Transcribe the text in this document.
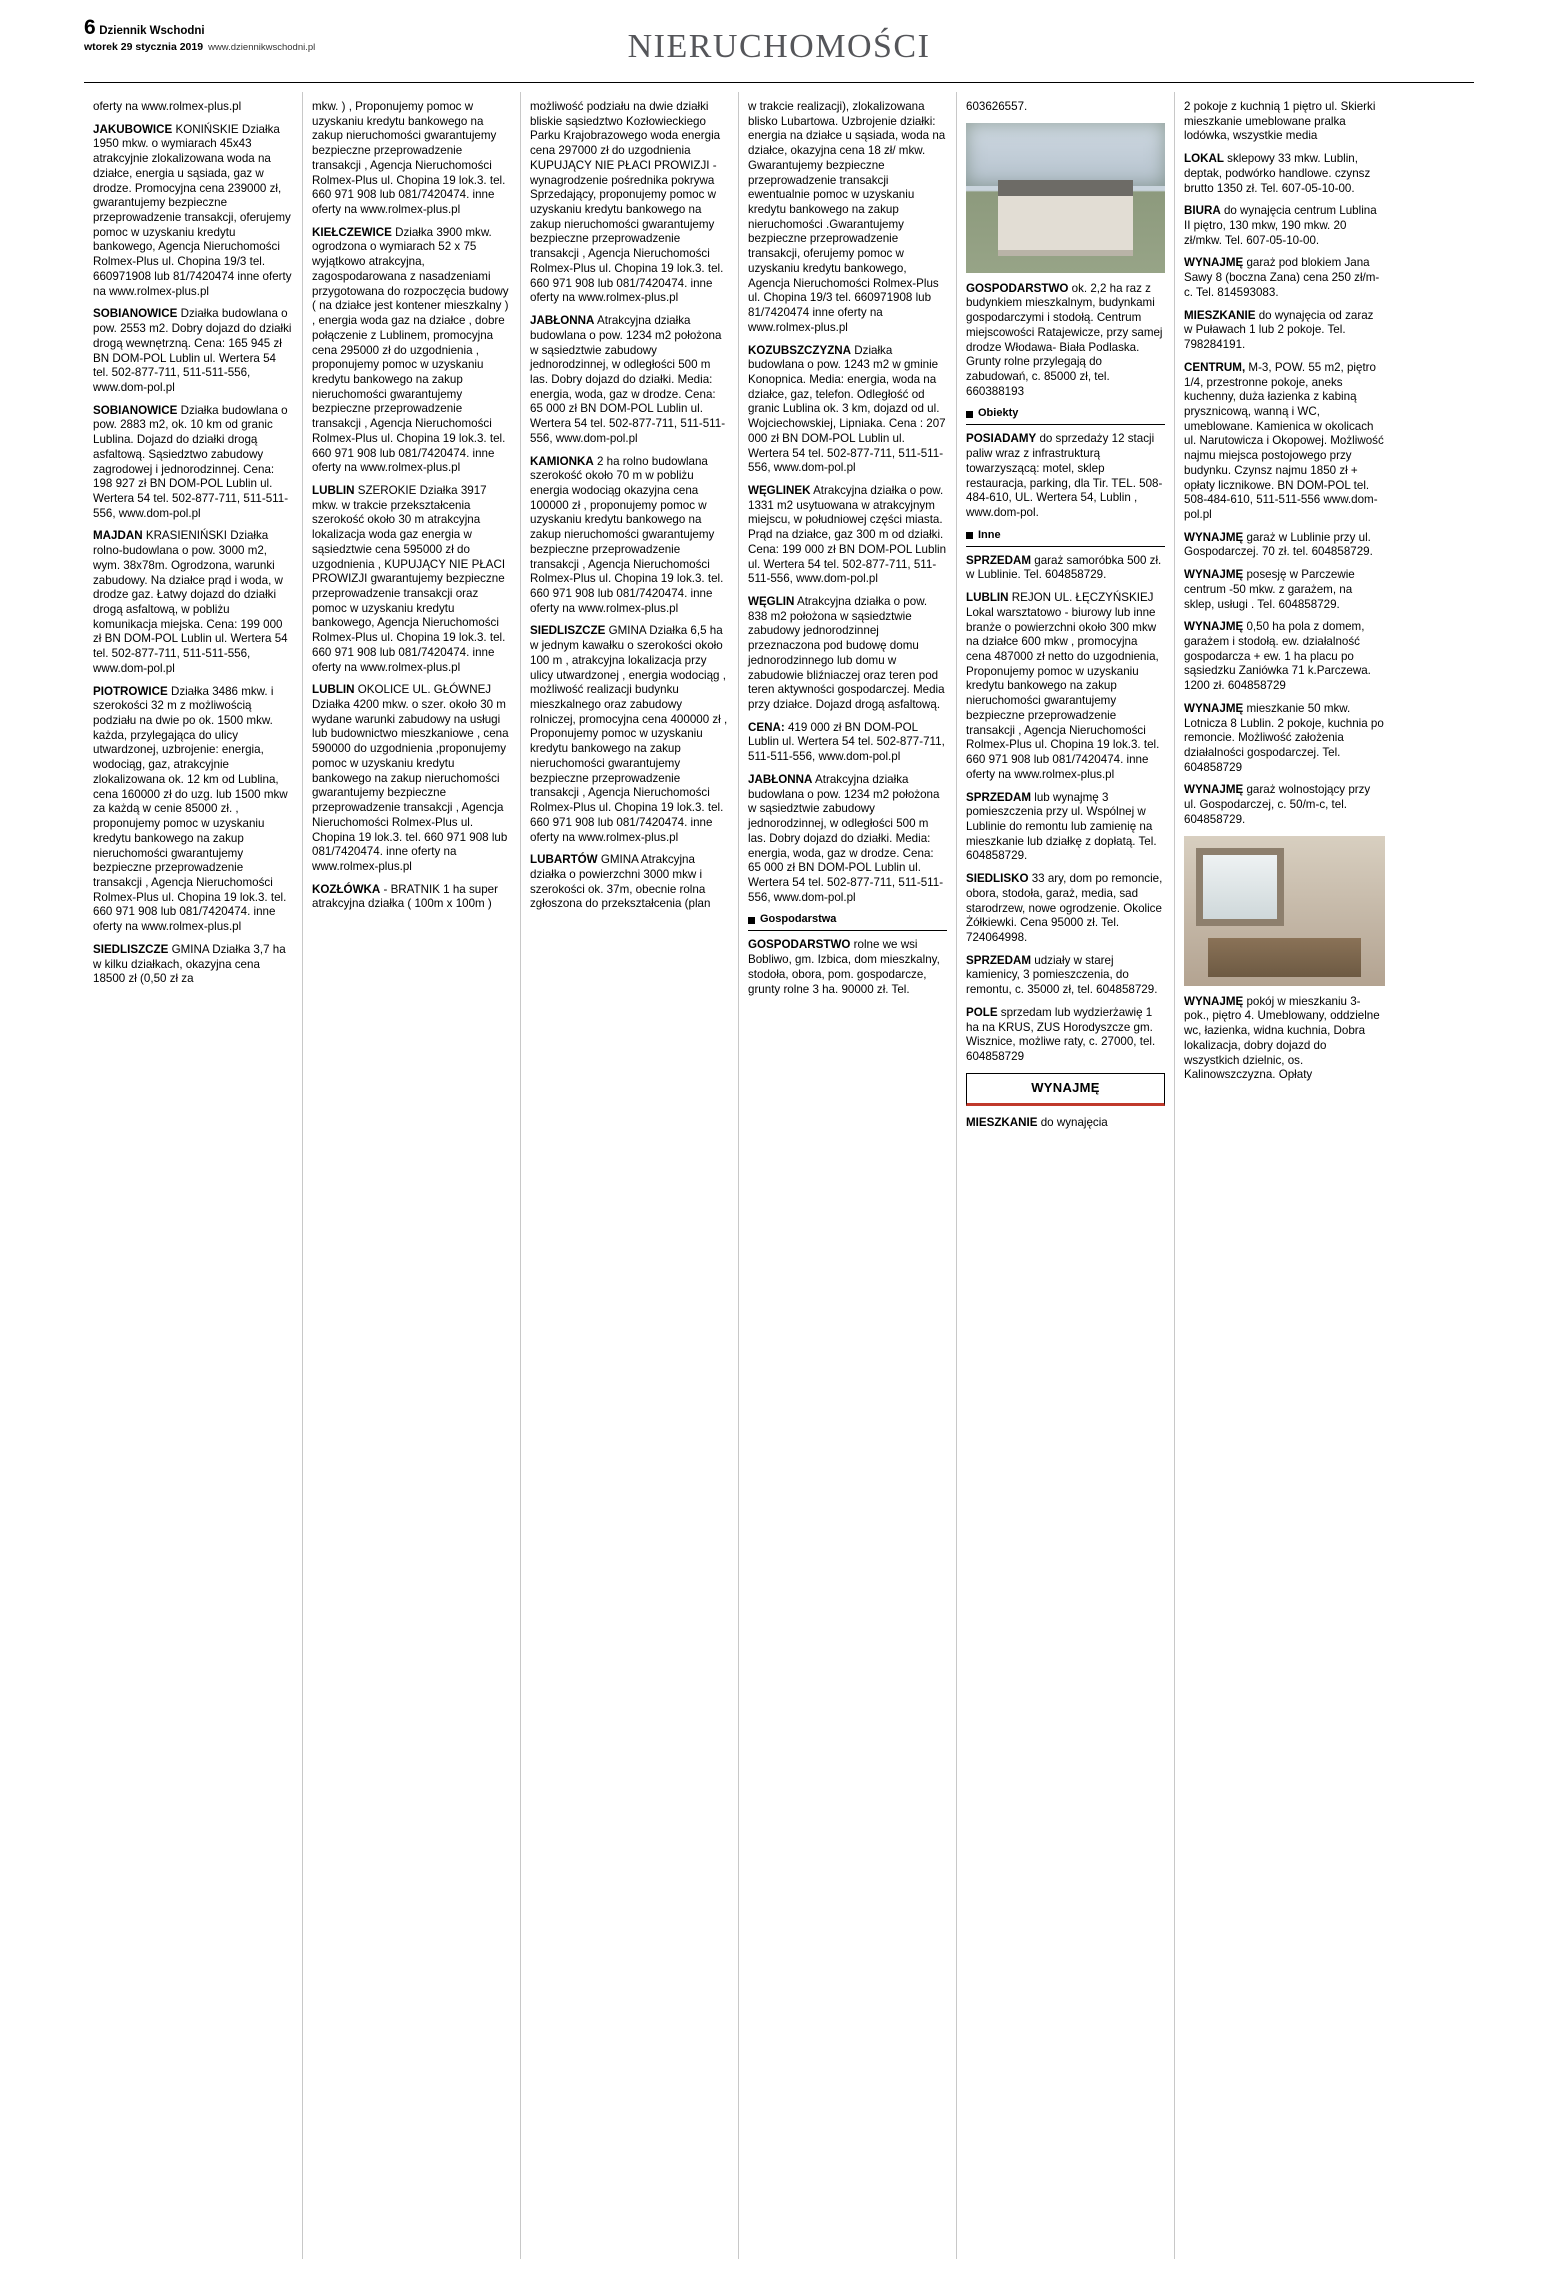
6 Dziennik Wschodni
wtorek 29 stycznia 2019 www.dziennikwschodni.pl	NIERUCHOMOŚCI

oferty na www.rolmex-plus.pl

JAKUBOWICE KONIŃSKIE Działka 1950 mkw. o wymiarach 45x43 atrakcyjnie zlokalizowana woda na działce, energia u sąsiada, gaz w drodze. Promocyjna cena 239000 zł, gwarantujemy bezpieczne przeprowadzenie transakcji, oferujemy pomoc w uzyskaniu kredytu bankowego, Agencja Nieruchomości Rolmex-Plus ul. Chopina 19/3 tel. 660971908 lub 81/7420474 inne oferty na www.rolmex-plus.pl

SOBIANOWICE Działka budowlana o pow. 2553 m2. Dobry dojazd do działki drogą wewnętrzną. Cena: 165 945 zł BN DOM-POL Lublin ul. Wertera 54 tel. 502-877-711, 511-511-556, www.dom-pol.pl

SOBIANOWICE Działka budowlana o pow. 2883 m2, ok. 10 km od granic Lublina. Dojazd do działki drogą asfaltową. Sąsiedztwo zabudowy zagrodowej i jednorodzinnej. Cena: 198 927 zł BN DOM-POL Lublin ul. Wertera 54 tel. 502-877-711, 511-511-556, www.dom-pol.pl

MAJDAN KRASIENIŃSKI Działka rolno-budowlana o pow. 3000 m2, wym. 38x78m. Ogrodzona, warunki zabudowy. Na działce prąd i woda, w drodze gaz. Łatwy dojazd do działki drogą asfaltową, w pobliżu komunikacja miejska. Cena: 199 000 zł BN DOM-POL Lublin ul. Wertera 54 tel. 502-877-711, 511-511-556, www.dom-pol.pl

PIOTROWICE Działka 3486 mkw. i szerokości 32 m z możliwością podziału na dwie po ok. 1500 mkw. każda, przylegająca do ulicy utwardzonej, uzbrojenie: energia, wodociąg, gaz, atrakcyjnie zlokalizowana ok. 12 km od Lublina, cena 160000 zł do uzg. lub 1500 mkw za każdą w cenie 85000 zł. , proponujemy pomoc w uzyskaniu kredytu bankowego na zakup nieruchomości gwarantujemy bezpieczne przeprowadzenie transakcji , Agencja Nieruchomości Rolmex-Plus ul. Chopina 19 lok.3. tel. 660 971 908 lub 081/7420474. inne oferty na www.rolmex-plus.pl

SIEDLISZCZE GMINA Działka 3,7 ha w kilku działkach, okazyjna cena 18500 zł (0,50 zł za

mkw. ) , Proponujemy pomoc w uzyskaniu kredytu bankowego na zakup nieruchomości gwarantujemy bezpieczne przeprowadzenie transakcji , Agencja Nieruchomości Rolmex-Plus ul. Chopina 19 lok.3. tel. 660 971 908 lub 081/7420474. inne oferty na www.rolmex-plus.pl

KIEŁCZEWICE Działka 3900 mkw. ogrodzona o wymiarach 52 x 75 wyjątkowo atrakcyjna, zagospodarowana z nasadzeniami przygotowana do rozpoczęcia budowy ( na działce jest kontener mieszkalny ) , energia woda gaz na działce , dobre połączenie z Lublinem, promocyjna cena 295000 zł do uzgodnienia , proponujemy pomoc w uzyskaniu kredytu bankowego na zakup nieruchomości gwarantujemy bezpieczne przeprowadzenie transakcji , Agencja Nieruchomości Rolmex-Plus ul. Chopina 19 lok.3. tel. 660 971 908 lub 081/7420474. inne oferty na www.rolmex-plus.pl

LUBLIN SZEROKIE Działka 3917 mkw. w trakcie przekształcenia szerokość około 30 m atrakcyjna lokalizacja woda gaz energia w sąsiedztwie cena 595000 zł do uzgodnienia , KUPUJĄCY NIE PŁACI PROWIZJI gwarantujemy bezpieczne przeprowadzenie transakcji oraz pomoc w uzyskaniu kredytu bankowego, Agencja Nieruchomości Rolmex-Plus ul. Chopina 19 lok.3. tel. 660 971 908 lub 081/7420474. inne oferty na www.rolmex-plus.pl

LUBLIN OKOLICE UL. GŁÓWNEJ Działka 4200 mkw. o szer. około 30 m wydane warunki zabudowy na usługi lub budownictwo mieszkaniowe , cena 590000 do uzgodnienia ,proponujemy pomoc w uzyskaniu kredytu bankowego na zakup nieruchomości gwarantujemy bezpieczne przeprowadzenie transakcji , Agencja Nieruchomości Rolmex-Plus ul. Chopina 19 lok.3. tel. 660 971 908 lub 081/7420474. inne oferty na www.rolmex-plus.pl

KOZŁÓWKA - BRATNIK 1 ha super atrakcyjna działka ( 100m x 100m )

możliwość podziału na dwie działki bliskie sąsiedztwo Kozłowieckiego Parku Krajobrazowego woda energia cena 297000 zł do uzgodnienia KUPUJĄCY NIE PŁACI PROWIZJI -wynagrodzenie pośrednika pokrywa Sprzedający, proponujemy pomoc w uzyskaniu kredytu bankowego na zakup nieruchomości gwarantujemy bezpieczne przeprowadzenie transakcji , Agencja Nieruchomości Rolmex-Plus ul. Chopina 19 lok.3. tel. 660 971 908 lub 081/7420474. inne oferty na www.rolmex-plus.pl

JABŁONNA Atrakcyjna działka budowlana o pow. 1234 m2 położona w sąsiedztwie zabudowy jednorodzinnej, w odległości 500 m las. Dobry dojazd do działki. Media: energia, woda, gaz w drodze. Cena: 65 000 zł BN DOM-POL Lublin ul. Wertera 54 tel. 502-877-711, 511-511-556, www.dom-pol.pl

KAMIONKA 2 ha rolno budowlana szerokość około 70 m w pobliżu energia wodociąg okazyjna cena 100000 zł , proponujemy pomoc w uzyskaniu kredytu bankowego na zakup nieruchomości gwarantujemy bezpieczne przeprowadzenie transakcji , Agencja Nieruchomości Rolmex-Plus ul. Chopina 19 lok.3. tel. 660 971 908 lub 081/7420474. inne oferty na www.rolmex-plus.pl

SIEDLISZCZE GMINA Działka 6,5 ha w jednym kawałku o szerokości około 100 m , atrakcyjna lokalizacja przy ulicy utwardzonej , energia wodociąg , możliwość realizacji budynku mieszkalnego oraz zabudowy rolniczej, promocyjna cena 400000 zł , Proponujemy pomoc w uzyskaniu kredytu bankowego na zakup nieruchomości gwarantujemy bezpieczne przeprowadzenie transakcji , Agencja Nieruchomości Rolmex-Plus ul. Chopina 19 lok.3. tel. 660 971 908 lub 081/7420474. inne oferty na www.rolmex-plus.pl

LUBARTÓW GMINA Atrakcyjna działka o powierzchni 3000 mkw i szerokości ok. 37m, obecnie rolna zgłoszona do przekształcenia (plan

w trakcie realizacji), zlokalizowana blisko Lubartowa. Uzbrojenie działki: energia na działce u sąsiada, woda na działce, okazyjna cena 18 zł/ mkw. Gwarantujemy bezpieczne przeprowadzenie transakcji ewentualnie pomoc w uzyskaniu kredytu bankowego na zakup nieruchomości .Gwarantujemy bezpieczne przeprowadzenie transakcji, oferujemy pomoc w uzyskaniu kredytu bankowego, Agencja Nieruchomości Rolmex-Plus ul. Chopina 19/3 tel. 660971908 lub 81/7420474 inne oferty na www.rolmex-plus.pl

KOZUBSZCZYZNA Działka budowlana o pow. 1243 m2 w gminie Konopnica. Media: energia, woda na działce, gaz, telefon. Odległość od granic Lublina ok. 3 km, dojazd od ul. Wojciechowskiej, Lipniaka. Cena : 207 000 zł BN DOM-POL Lublin ul. Wertera 54 tel. 502-877-711, 511-511-556, www.dom-pol.pl

WĘGLINEK Atrakcyjna działka o pow. 1331 m2 usytuowana w atrakcyjnym miejscu, w południowej części miasta. Prąd na działce, gaz 300 m od działki. Cena: 199 000 zł BN DOM-POL Lublin ul. Wertera 54 tel. 502-877-711, 511-511-556, www.dom-pol.pl

WĘGLIN Atrakcyjna działka o pow. 838 m2 położona w sąsiedztwie zabudowy jednorodzinnej przeznaczona pod budowę domu jednorodzinnego lub domu w zabudowie bliźniaczej oraz teren pod teren aktywności gospodarczej. Media przy działce. Dojazd drogą asfaltową.

CENA: 419 000 zł BN DOM-POL Lublin ul. Wertera 54 tel. 502-877-711, 511-511-556, www.dom-pol.pl

JABŁONNA Atrakcyjna działka budowlana o pow. 1234 m2 położona w sąsiedztwie zabudowy jednorodzinnej, w odległości 500 m las. Dobry dojazd do działki. Media: energia, woda, gaz w drodze. Cena: 65 000 zł BN DOM-POL Lublin ul. Wertera 54 tel. 502-877-711, 511-511-556, www.dom-pol.pl

Gospodarstwa

GOSPODARSTWO rolne we wsi Bobliwo, gm. Izbica, dom mieszkalny, stodoła, obora, pom. gospodarcze, grunty rolne 3 ha. 90000 zł. Tel.

603626557.

GOSPODARSTWO ok. 2,2 ha raz z budynkiem mieszkalnym, budynkami gospodarczymi i stodołą. Centrum miejscowości Ratajewicze, przy samej drodze Włodawa- Biała Podlaska. Grunty rolne przylegają do zabudowań, c. 85000 zł, tel. 660388193

Obiekty

POSIADAMY do sprzedaży 12 stacji paliw wraz z infrastrukturą towarzyszącą: motel, sklep restauracja, parking, dla Tir. TEL. 508-484-610, UL. Wertera 54, Lublin , www.dom-pol.

Inne

SPRZEDAM garaż samoróbka 500 zł. w Lublinie. Tel. 604858729.

LUBLIN REJON UL. ŁĘCZYŃSKIEJ Lokal warsztatowo - biurowy lub inne branże o powierzchni około 300 mkw na działce 600 mkw , promocyjna cena 487000 zł netto do uzgodnienia, Proponujemy pomoc w uzyskaniu kredytu bankowego na zakup nieruchomości gwarantujemy bezpieczne przeprowadzenie transakcji , Agencja Nieruchomości Rolmex-Plus ul. Chopina 19 lok.3. tel. 660 971 908 lub 081/7420474. inne oferty na www.rolmex-plus.pl

SPRZEDAM lub wynajmę 3 pomieszczenia przy ul. Wspólnej w Lublinie do remontu lub zamienię na mieszkanie lub działkę z dopłatą. Tel. 604858729.

SIEDLISKO 33 ary, dom po remoncie, obora, stodoła, garaż, media, sad starodrzew, nowe ogrodzenie. Okolice Żółkiewki. Cena 95000 zł. Tel. 724064998.

SPRZEDAM udziały w starej kamienicy, 3 pomieszczenia, do remontu, c. 35000 zł, tel. 604858729.

POLE sprzedam lub wydzierżawię 1 ha na KRUS, ZUS Horodyszcze gm. Wisznice, możliwe raty, c. 27000, tel. 604858729

WYNAJMĘ

MIESZKANIE do wynajęcia

2 pokoje z kuchnią 1 piętro ul. Skierki mieszkanie umeblowane pralka lodówka, wszystkie media

LOKAL sklepowy 33 mkw. Lublin, deptak, podwórko handlowe. czynsz brutto 1350 zł. Tel. 607-05-10-00.

BIURA do wynajęcia centrum Lublina II piętro, 130 mkw, 190 mkw. 20 zł/mkw. Tel. 607-05-10-00.

WYNAJMĘ garaż pod blokiem Jana Sawy 8 (boczna Zana) cena 250 zł/m-c. Tel. 814593083.

MIESZKANIE do wynajęcia od zaraz w Puławach 1 lub 2 pokoje. Tel. 798284191.

CENTRUM, M-3, POW. 55 m2, piętro 1/4, przestronne pokoje, aneks kuchenny, duża łazienka z kabiną prysznicową, wanną i WC, umeblowane. Kamienica w okolicach ul. Narutowicza i Okopowej. Możliwość najmu miejsca postojowego przy budynku. Czynsz najmu 1850 zł + opłaty licznikowe. BN DOM-POL tel. 508-484-610, 511-511-556 www.dom-pol.pl

WYNAJMĘ garaż w Lublinie przy ul. Gospodarczej. 70 zł. tel. 604858729.

WYNAJMĘ posesję w Parczewie centrum -50 mkw. z garażem, na sklep, usługi . Tel. 604858729.

WYNAJMĘ 0,50 ha pola z domem, garażem i stodołą. ew. działalność gospodarcza + ew. 1 ha placu po sąsiedzku Zaniówka 71 k.Parczewa. 1200 zł. 604858729

WYNAJMĘ mieszkanie 50 mkw. Lotnicza 8 Lublin. 2 pokoje, kuchnia po remoncie. Możliwość założenia działalności gospodarczej. Tel. 604858729

WYNAJMĘ garaż wolnostojący przy ul. Gospodarczej, c. 50/m-c, tel. 604858729.

WYNAJMĘ pokój w mieszkaniu 3-pok., piętro 4. Umeblowany, oddzielne wc, łazienka, widna kuchnia, Dobra lokalizacja, dobry dojazd do wszystkich dzielnic, os. Kalinowszczyzna. Opłaty
